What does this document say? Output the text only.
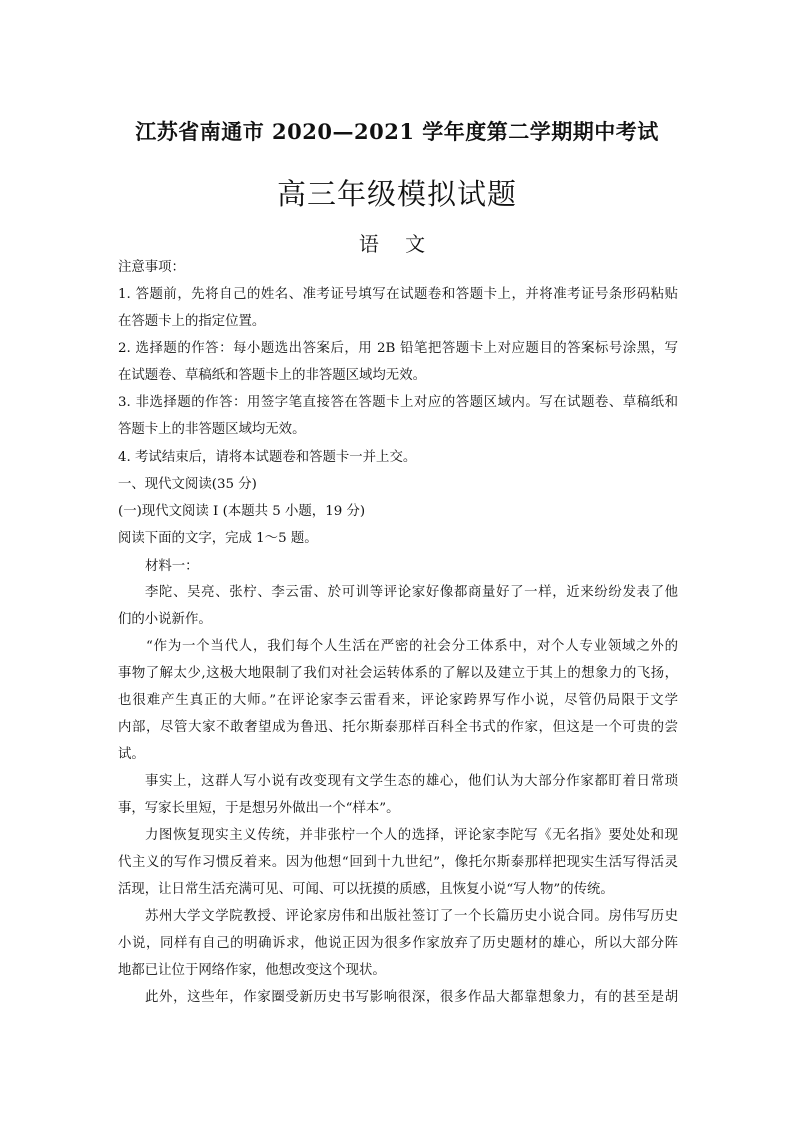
江苏省南通市 2020—2021 学年度第二学期期中考试
高三年级模拟试题
语 文
注意事项：
1. 答题前，先将自己的姓名、准考证号填写在试题卷和答题卡上，并将准考证号条形码粘贴
在答题卡上的指定位置。
2. 选择题的作答：每小题选出答案后，用 2B 铅笔把答题卡上对应题目的答案标号涂黑，写
在试题卷、草稿纸和答题卡上的非答题区域均无效。
3. 非选择题的作答：用签字笔直接答在答题卡上对应的答题区域内。写在试题卷、草稿纸和
答题卡上的非答题区域均无效。
4. 考试结束后，请将本试题卷和答题卡一并上交。
一、现代文阅读(35 分)
(一)现代文阅读 I (本题共 5 小题，19 分)
阅读下面的文字，完成 1～5 题。
材料一：
李陀、吴亮、张柠、李云雷、於可训等评论家好像都商量好了一样，近来纷纷发表了他
们的小说新作。
“作为一个当代人，我们每个人生活在严密的社会分工体系中，对个人专业领域之外的
事物了解太少,这极大地限制了我们对社会运转体系的了解以及建立于其上的想象力的飞扬，
也很难产生真正的大师。”在评论家李云雷看来，评论家跨界写作小说，尽管仍局限于文学
内部，尽管大家不敢奢望成为鲁迅、托尔斯泰那样百科全书式的作家，但这是一个可贵的尝
试。
事实上，这群人写小说有改变现有文学生态的雄心，他们认为大部分作家都盯着日常琐
事，写家长里短，于是想另外做出一个“样本”。
力图恢复现实主义传统，并非张柠一个人的选择，评论家李陀写《无名指》要处处和现
代主义的写作习惯反着来。因为他想“回到十九世纪”，像托尔斯泰那样把现实生活写得活灵
活现，让日常生活充满可见、可闻、可以抚摸的质感，且恢复小说“写人物”的传统。
苏州大学文学院教授、评论家房伟和出版社签订了一个长篇历史小说合同。房伟写历史
小说，同样有自己的明确诉求，他说正因为很多作家放弃了历史题材的雄心，所以大部分阵
地都已让位于网络作家，他想改变这个现状。
此外，这些年，作家圈受新历史书写影响很深，很多作品大都靠想象力，有的甚至是胡
